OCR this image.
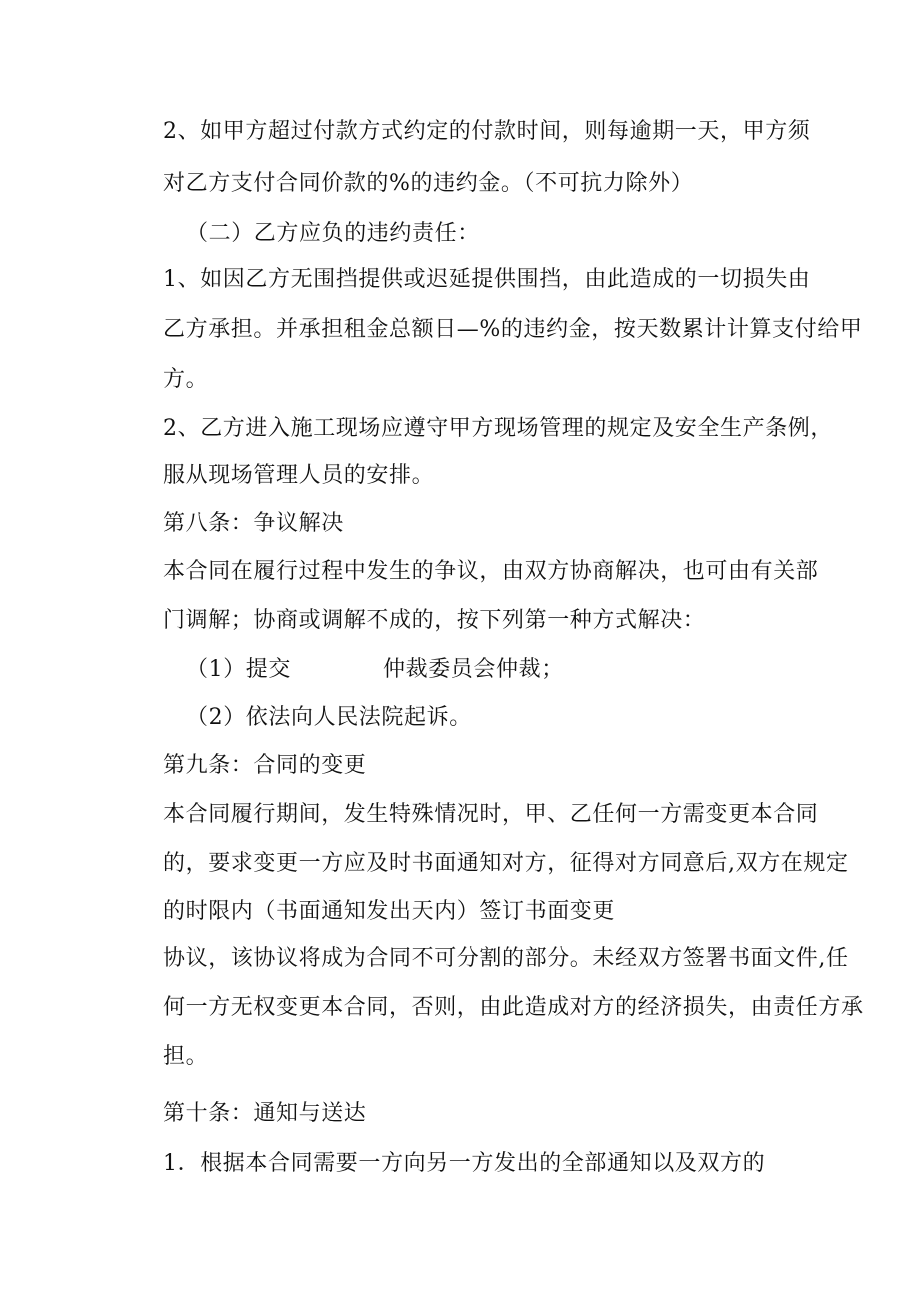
2、如甲方超过付款方式约定的付款时间，则每逾期一天，甲方须
对乙方支付合同价款的%的违约金。（不可抗力除外）
（二）乙方应负的违约责任：
1、如因乙方无围挡提供或迟延提供围挡，由此造成的一切损失由
乙方承担。并承担租金总额日—%的违约金，按天数累计计算支付给甲
方。
2、乙方进入施工现场应遵守甲方现场管理的规定及安全生产条例，
服从现场管理人员的安排。
第八条：争议解决
本合同在履行过程中发生的争议，由双方协商解决，也可由有关部
门调解；协商或调解不成的，按下列第一种方式解决：
（1）提交	仲裁委员会仲裁；
（2）依法向人民法院起诉。
第九条：合同的变更
本合同履行期间，发生特殊情况时，甲、乙任何一方需变更本合同
的，要求变更一方应及时书面通知对方，征得对方同意后,双方在规定
的时限内（书面通知发出天内）签订书面变更
协议，该协议将成为合同不可分割的部分。未经双方签署书面文件,任
何一方无权变更本合同，否则，由此造成对方的经济损失，由责任方承
担。
第十条：通知与送达
1．根据本合同需要一方向另一方发出的全部通知以及双方的
